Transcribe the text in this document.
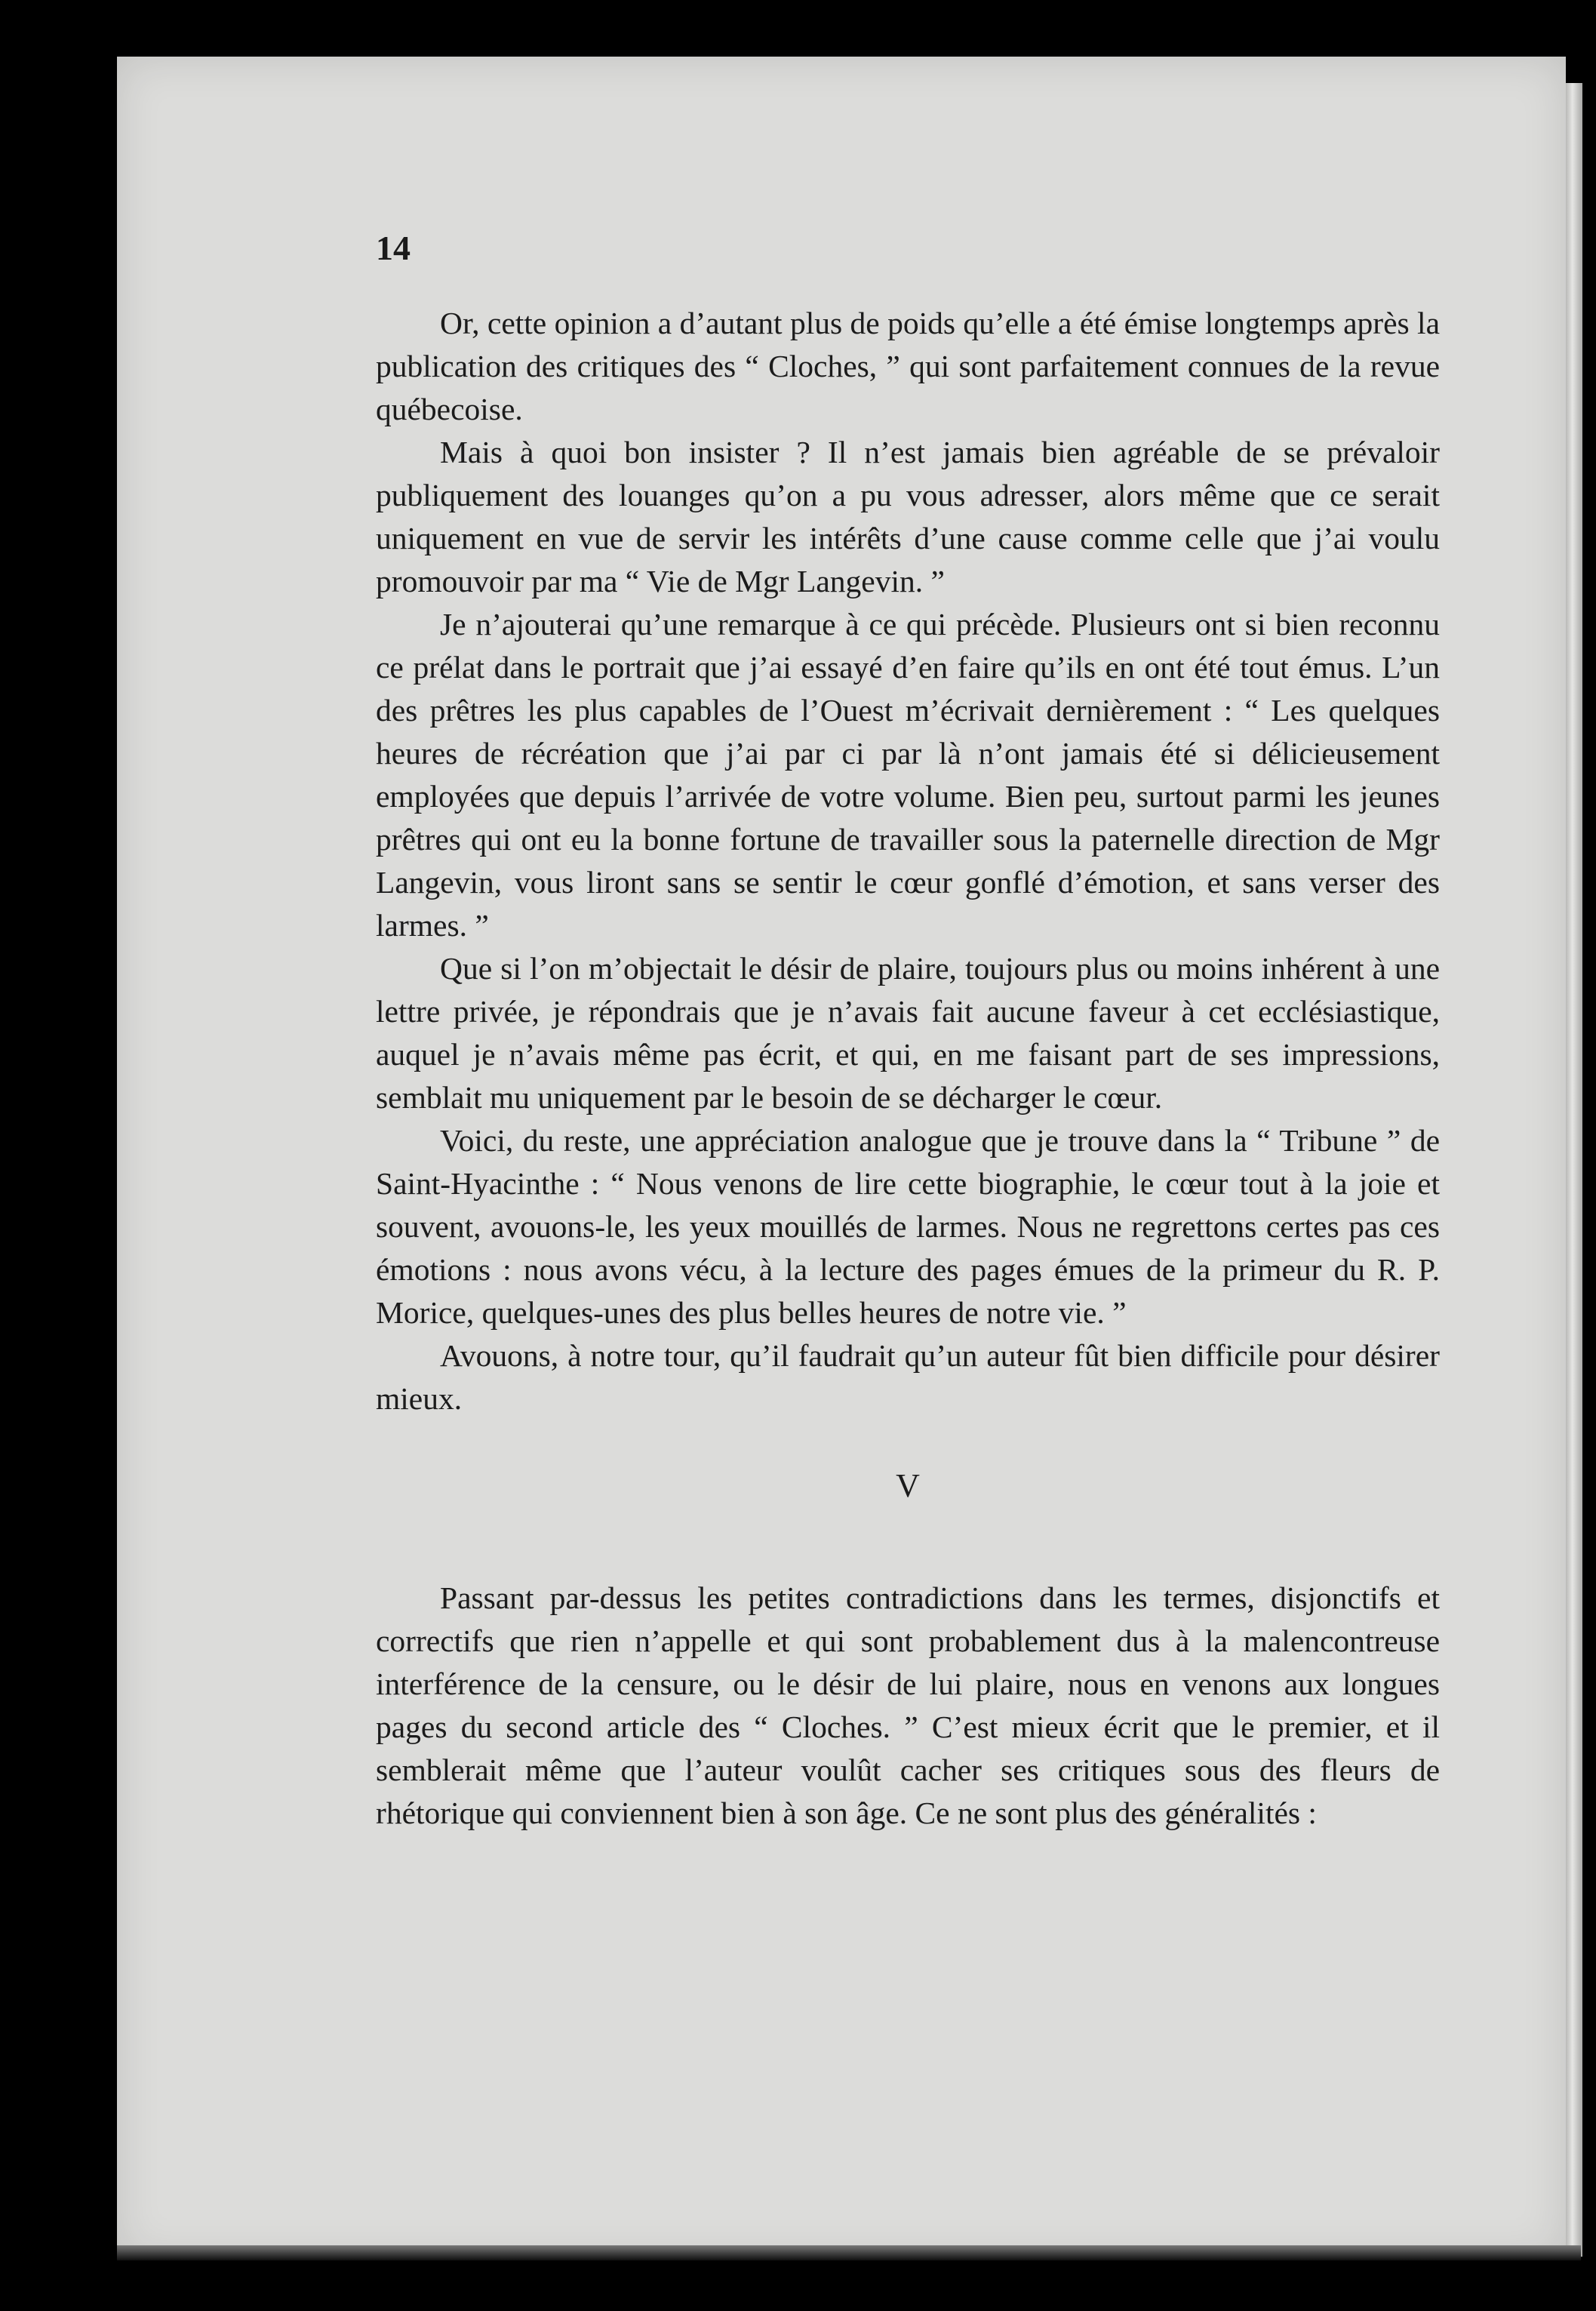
14

Or, cette opinion a d’autant plus de poids qu’elle a été émise longtemps après la publication des critiques des “ Cloches, ” qui sont parfaitement connues de la revue québecoise.

Mais à quoi bon insister ? Il n’est jamais bien agréable de se prévaloir publiquement des louanges qu’on a pu vous adresser, alors même que ce serait uniquement en vue de servir les intérêts d’une cause comme celle que j’ai voulu promouvoir par ma “ Vie de Mgr Langevin. ”

Je n’ajouterai qu’une remarque à ce qui précède. Plusieurs ont si bien reconnu ce prélat dans le portrait que j’ai essayé d’en faire qu’ils en ont été tout émus. L’un des prêtres les plus capables de l’Ouest m’écrivait dernièrement : “ Les quelques heures de récréation que j’ai par ci par là n’ont jamais été si délicieusement employées que depuis l’arrivée de votre volume. Bien peu, surtout parmi les jeunes prêtres qui ont eu la bonne fortune de travailler sous la paternelle direction de Mgr Langevin, vous liront sans se sentir le cœur gonflé d’émotion, et sans verser des larmes. ”

Que si l’on m’objectait le désir de plaire, toujours plus ou moins inhérent à une lettre privée, je répondrais que je n’avais fait aucune faveur à cet ecclésiastique, auquel je n’avais même pas écrit, et qui, en me faisant part de ses impressions, semblait mu uniquement par le besoin de se décharger le cœur.

Voici, du reste, une appréciation analogue que je trouve dans la “ Tribune ” de Saint-Hyacinthe : “ Nous venons de lire cette biographie, le cœur tout à la joie et souvent, avouons-le, les yeux mouillés de larmes. Nous ne regrettons certes pas ces émotions : nous avons vécu, à la lecture des pages émues de la primeur du R. P. Morice, quelques-unes des plus belles heures de notre vie. ”

Avouons, à notre tour, qu’il faudrait qu’un auteur fût bien difficile pour désirer mieux.

V

Passant par-dessus les petites contradictions dans les termes, disjonctifs et correctifs que rien n’appelle et qui sont probablement dus à la malencontreuse interférence de la censure, ou le désir de lui plaire, nous en venons aux longues pages du second article des “ Cloches. ” C’est mieux écrit que le premier, et il semblerait même que l’auteur voulût cacher ses critiques sous des fleurs de rhétorique qui conviennent bien à son âge. Ce ne sont plus des généralités :
